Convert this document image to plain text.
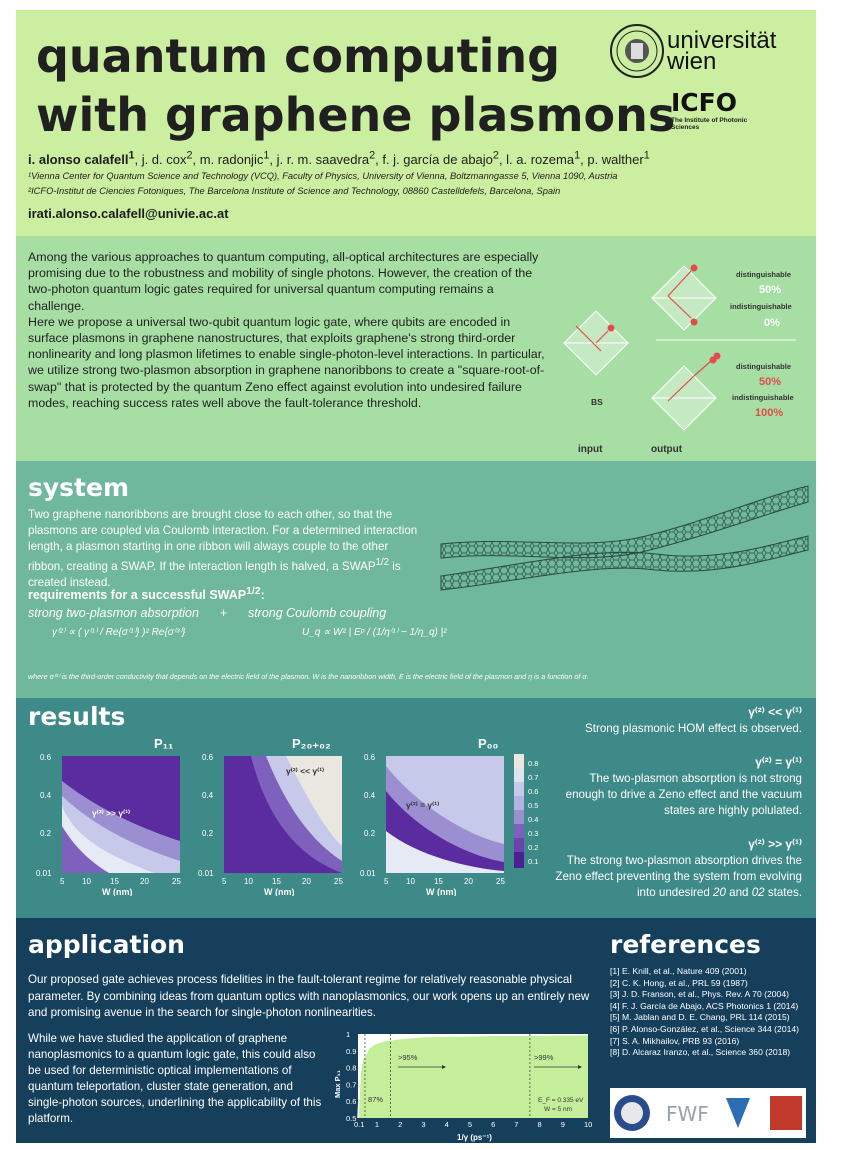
quantum computing
with graphene plasmons
i. alonso calafell$^1$, j. d. cox$^2$, m. radonjic$^1$, j. r. m. saavedra$^2$, f. j. garcía de abajo$^2$, l. a. rozema$^1$, p. walther$^1$
¹Vienna Center for Quantum Science and Technology (VCQ), Faculty of Physics, University of Vienna, Boltzmanngasse 5, Vienna 1090, Austria
²ICFO-Institut de Ciencies Fotoniques, The Barcelona Institute of Science and Technology, 08860 Castelldefels, Barcelona, Spain
irati.alonso.calafell@univie.ac.at
universität
wien
ICFO
The Institute of Photonic Sciences
Among the various approaches to quantum computing, all-optical architectures are especially promising due to the robustness and mobility of single photons. However, the creation of the two-photon quantum logic gates required for universal quantum computing remains a challenge.
Here we propose a universal two-qubit quantum logic gate, where qubits are encoded in surface plasmons in graphene nanostructures, that exploits graphene's strong third-order nonlinearity and long plasmon lifetimes to enable single-photon-level interactions. In particular, we utilize strong two-plasmon absorption in graphene nanoribbons to create a "square-root-of-swap" that is protected by the quantum Zeno effect against evolution into undesired failure modes, reaching success rates well above the fault-tolerance threshold.	BS
input	output
distinguishable
50%
indistinguishable
0%
distinguishable
50%
indistinguishable
100%
system
Two graphene nanoribbons are brought close to each other, so that the plasmons are coupled via Coulomb interaction. For a determined interaction length, a plasmon starting in one ribbon will always couple to the other ribbon, creating a SWAP. If the interaction length is halved, a $SWAP^{1/2}$ is created instead.
requirements for a successful $SWAP^{1/2}$:
strong two-plasmon absorption + strong Coulomb coupling
γ⁽²⁾ ∝ ( γ⁽¹⁾ / Re{σ⁽¹⁾} )² Re{σ⁽³⁾}	U_q ∝ W² | Eᵖ / (1/η⁽¹⁾ − 1/η_q) |²
where σ⁽³⁾ is the third-order conductivity that depends on the electric field of the plasmon. W is the nanoribbon width, E is the electric field of the plasmon and η is a function of σ.
results
P₁₁
γ⁽²⁾ >> γ⁽¹⁾
0.6
0.4
0.2
0.01
5 10 15	20	25
W (nm)
P₂₀₊₀₂
γ⁽²⁾ << γ⁽¹⁾
0.6
0.4
0.2
0.01
5 10 15	20	25
W (nm)
P₀₀
γ⁽²⁾ = γ⁽¹⁾
0.6
0.4
0.2
0.01
5 10 15	20	25
W (nm)
0.8
0.7
0.6
0.5
0.4
0.3
0.2
0.1
γ⁽²⁾ << γ⁽¹⁾
Strong plasmonic HOM effect is observed.
γ⁽²⁾ = γ⁽¹⁾
The two-plasmon absorption is not strong enough to drive a Zeno effect and the vacuum states are highly polulated.
γ⁽²⁾ >> γ⁽¹⁾
The strong two-plasmon absorption drives the Zeno effect preventing the system from evolving into undesired 20 and 02 states.
application
Our proposed gate achieves process fidelities in the fault-tolerant regime for relatively reasonable physical parameter. By combining ideas from quantum optics with nanoplasmonics, our work opens up an entirely new and promising avenue in the search for single-photon nonlinearities.
While we have studied the application of graphene nanoplasmonics to a quantum logic gate, this could also be used for deterministic optical implementations of quantum teleportation, cluster state generation, and single-photon sources, underlining the applicability of this platform.	0.1 1	2	3	4	5	6	7	8	9	10
0.5
0.6
0.7
0.8
0.9
1
1/γ (ps⁻¹)
Max P₁₁
87%
>95%	>99%
E_F = 0.335 eV
W = 5 nm
references
[1] E. Knill, et al., Nature 409 (2001)
[2] C. K. Hong, et al., PRL 59 (1987)
[3] J. D. Franson, et al., Phys. Rev. A 70 (2004)
[4] F. J. García de Abajo, ACS Photonics 1 (2014)
[5] M. Jablan and D. E. Chang, PRL 114 (2015)
[6] P. Alonso-González, et al., Science 344 (2014)
[7] S. A. Mikhailov, PRB 93 (2016)
[8] D. Alcaraz Iranzo, et al., Science 360 (2018)
FWF
